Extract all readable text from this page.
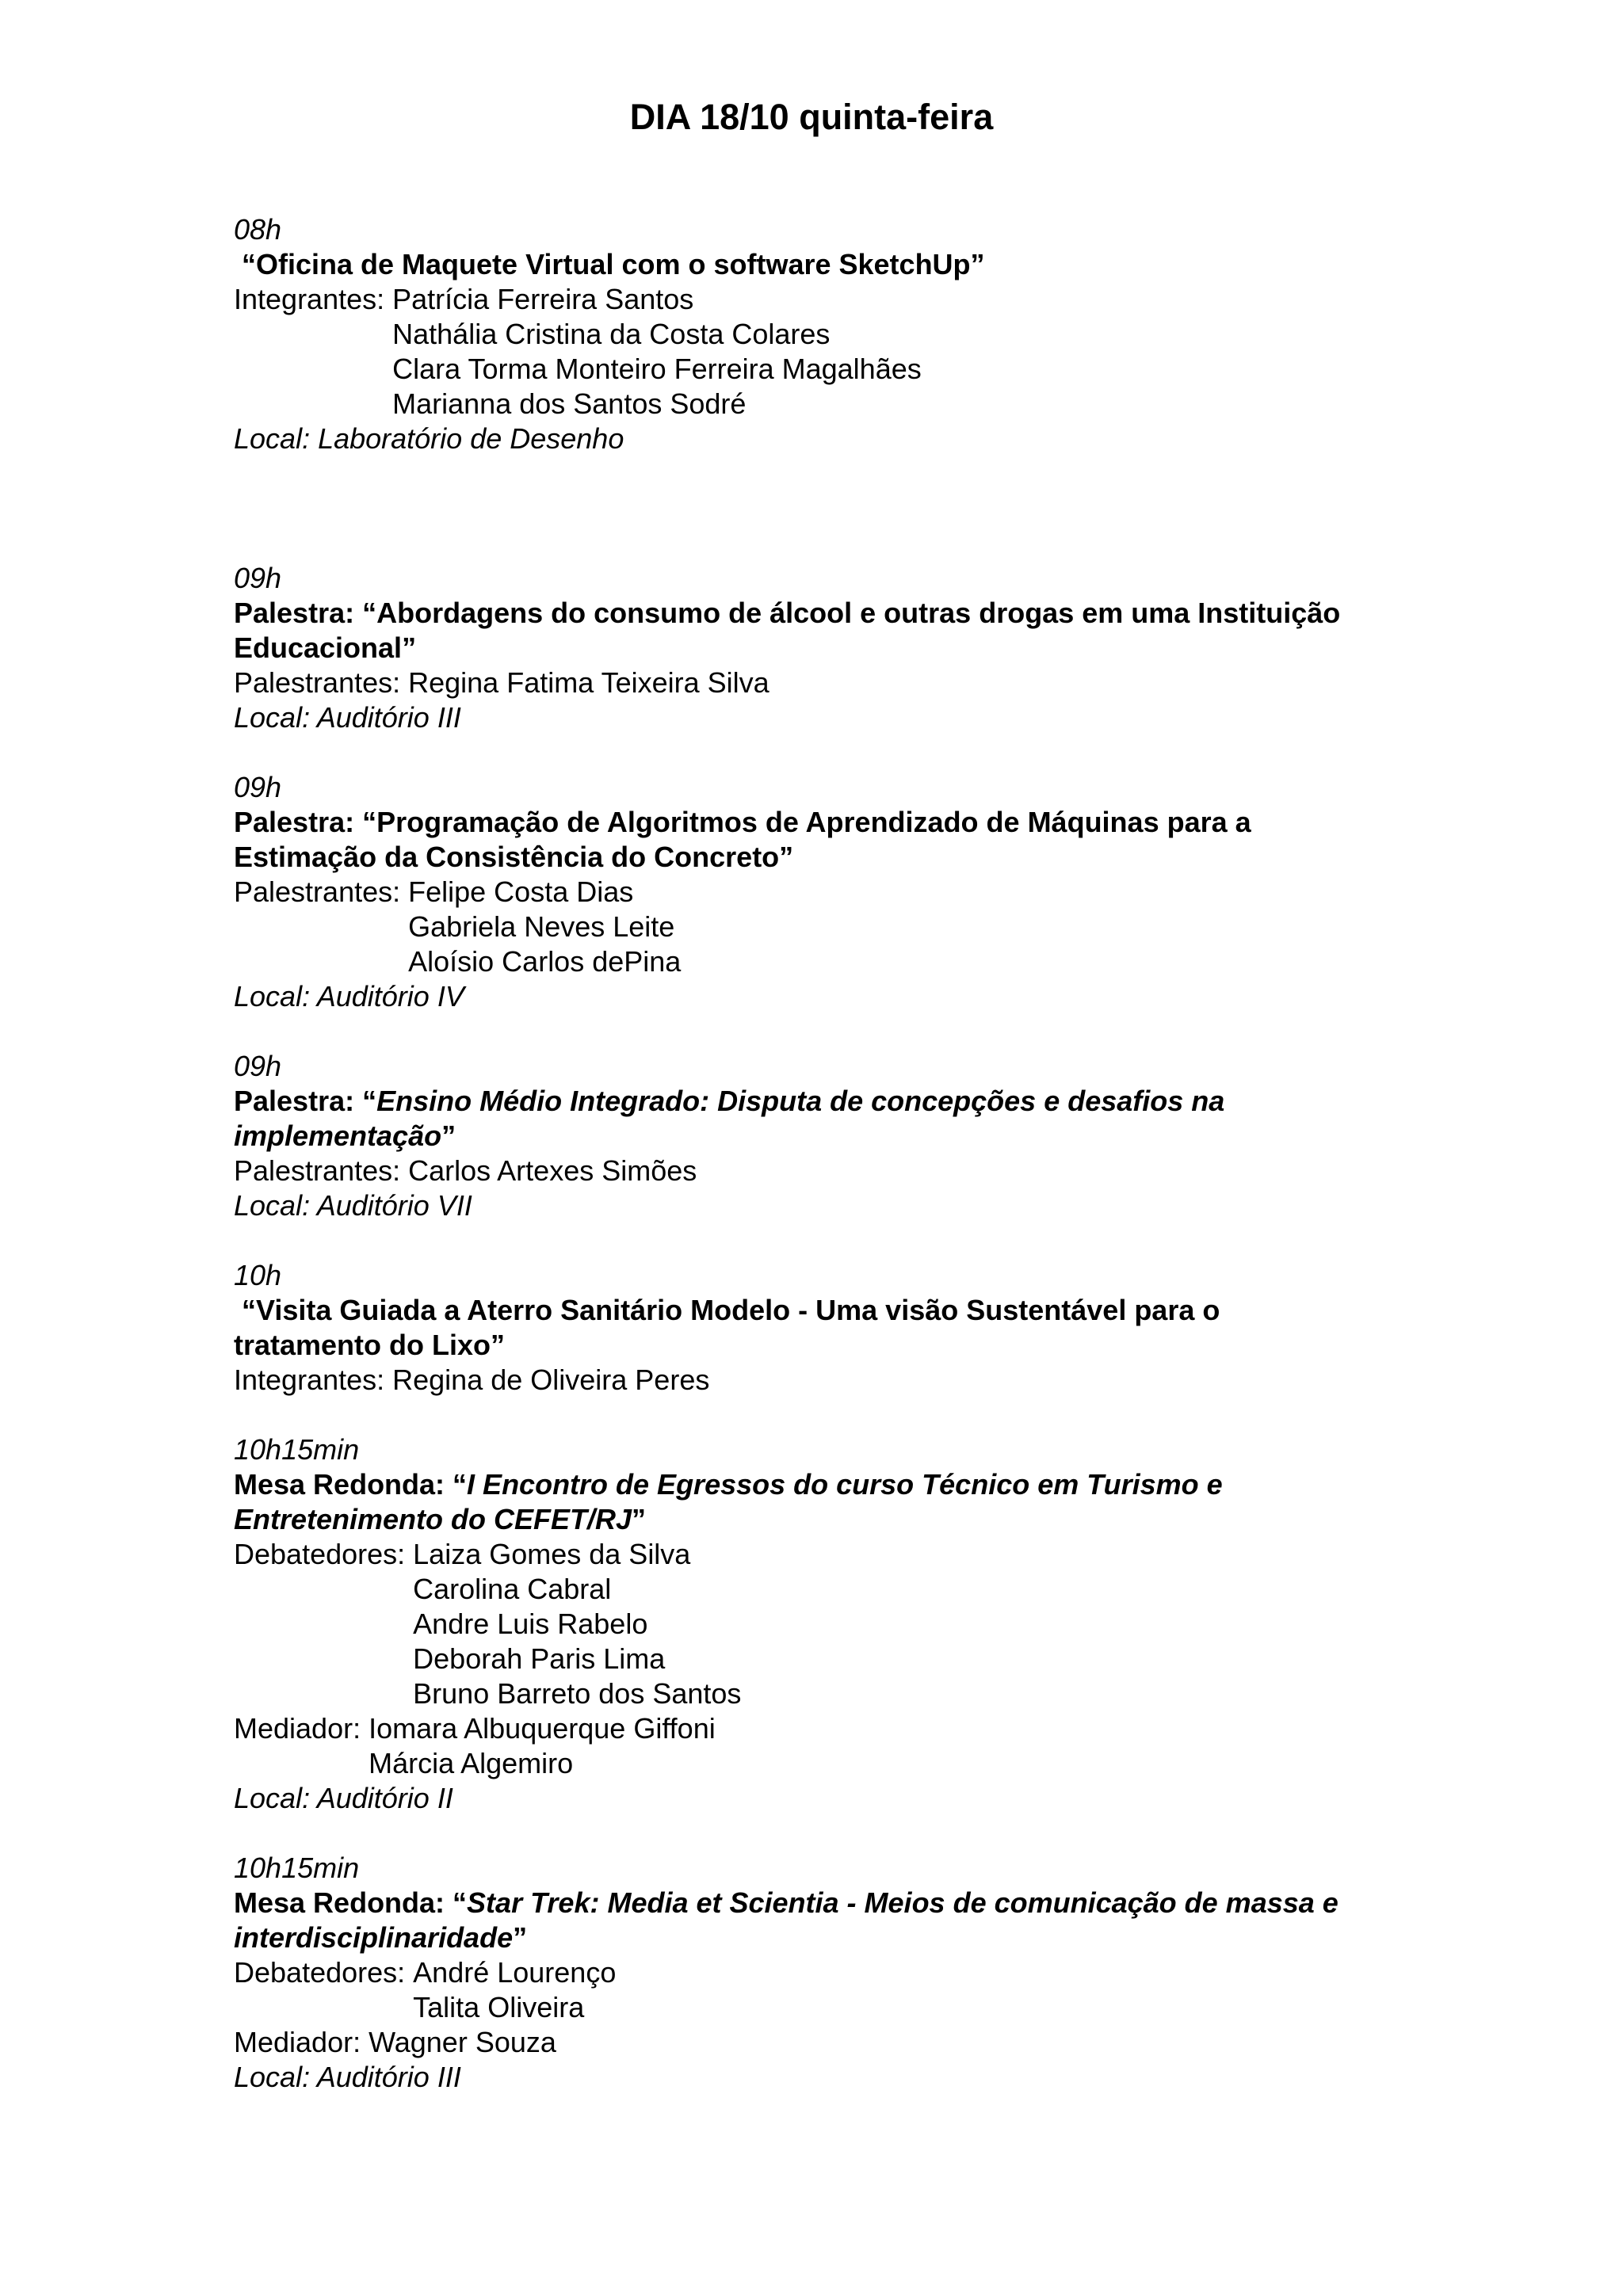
DIA 18/10 quinta-feira
08h
“Oficina de Maquete Virtual com o software SketchUp”
Integrantes: Patrícia Ferreira Santos
Nathália Cristina da Costa Colares
Clara Torma Monteiro Ferreira Magalhães
Marianna dos Santos Sodré
Local: Laboratório de Desenho
09h
Palestra: “Abordagens do consumo de álcool e outras drogas em uma Instituição
Educacional”
Palestrantes: Regina Fatima Teixeira Silva
Local: Auditório III
09h
Palestra: “Programação de Algoritmos de Aprendizado de Máquinas para a
Estimação da Consistência do Concreto”
Palestrantes: Felipe Costa Dias
Gabriela Neves Leite
Aloísio Carlos dePina
Local: Auditório IV
09h
Palestra: “Ensino Médio Integrado: Disputa de concepções e desafios na
implementação”
Palestrantes: Carlos Artexes Simões
Local: Auditório VII
10h
“Visita Guiada a Aterro Sanitário Modelo - Uma visão Sustentável para o
tratamento do Lixo”
Integrantes: Regina de Oliveira Peres
10h15min
Mesa Redonda: “I Encontro de Egressos do curso Técnico em Turismo e
Entretenimento do CEFET/RJ”
Debatedores: Laiza Gomes da Silva
Carolina Cabral
Andre Luis Rabelo
Deborah Paris Lima
Bruno Barreto dos Santos
Mediador: Iomara Albuquerque Giffoni
Márcia Algemiro
Local: Auditório II
10h15min
Mesa Redonda: “Star Trek: Media et Scientia - Meios de comunicação de massa e
interdisciplinaridade”
Debatedores: André Lourenço
Talita Oliveira
Mediador: Wagner Souza
Local: Auditório III
